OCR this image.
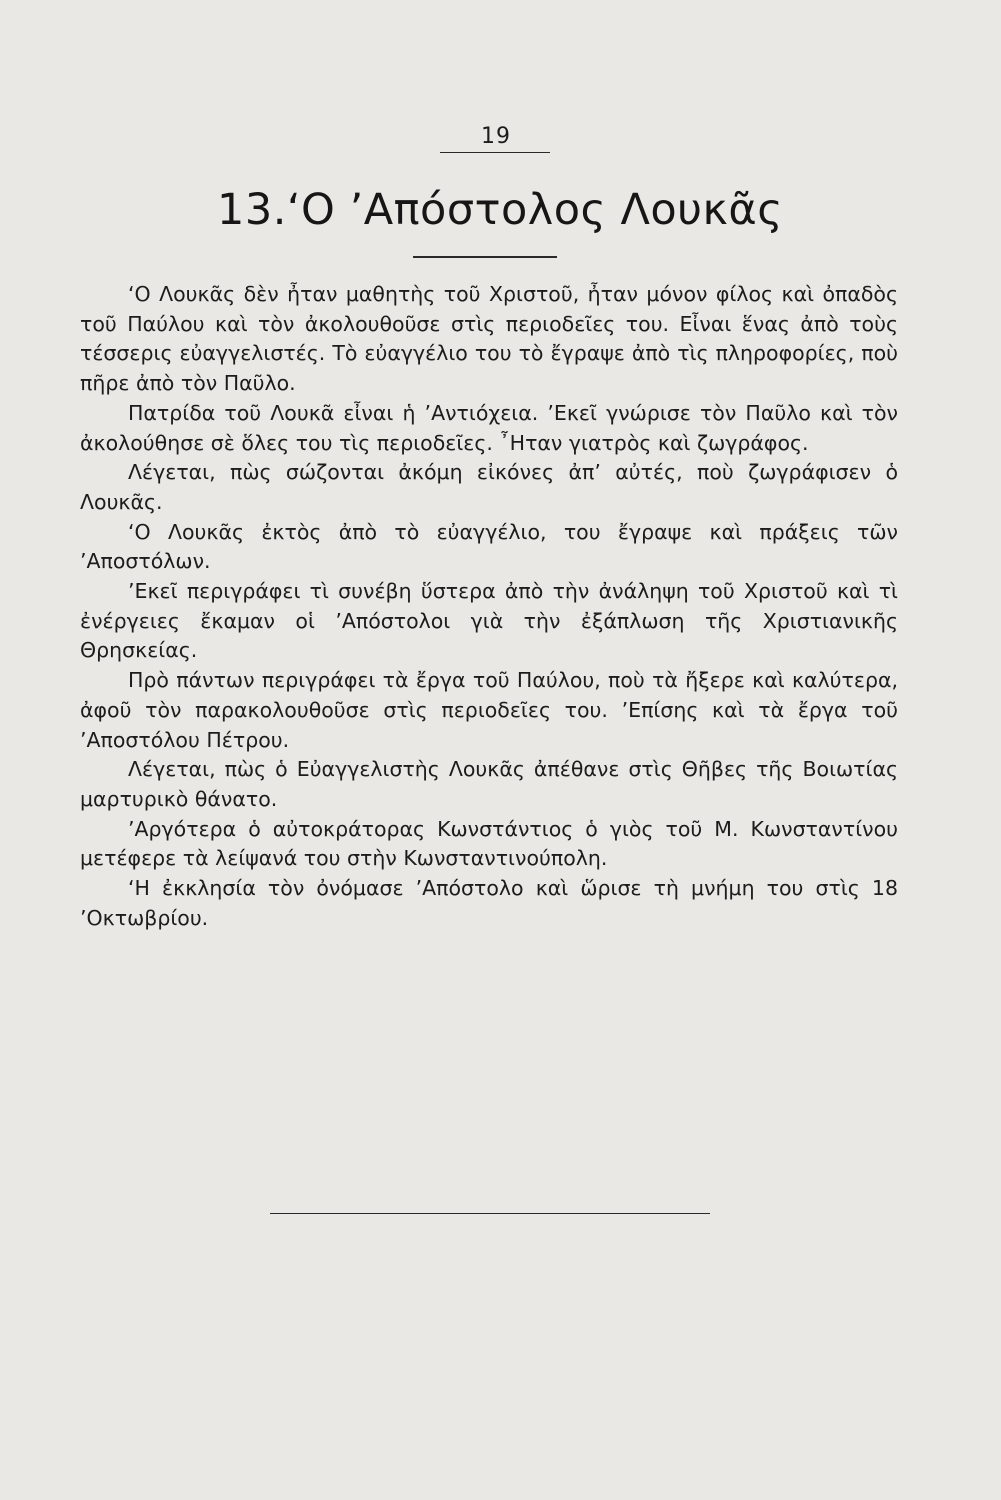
19
13.‘Ο ’Απόστολος Λουκᾶς

‘Ο Λουκᾶς δὲν ἦταν μαθητὴς τοῦ Χριστοῦ, ἦταν μόνον φίλος καὶ ὀπαδὸς τοῦ Παύλου καὶ τὸν ἀκολουθοῦσε στὶς περιοδεῖες του. Εἶναι ἕνας ἀπὸ τοὺς τέσσερις εὐαγγελιστές. Τὸ εὐαγγέλιο του τὸ ἔγραψε ἀπὸ τὶς πληροφορίες, ποὺ πῆρε ἀπὸ τὸν Παῦλο.

Πατρίδα τοῦ Λουκᾶ εἶναι ἡ ’Αντιόχεια. ’Εκεῖ γνώρισε τὸν Παῦλο καὶ τὸν ἀκολούθησε σὲ ὅλες του τὶς περιοδεῖες. ῏Ηταν γιατρὸς καὶ ζωγράφος.

Λέγεται, πὼς σώζονται ἀκόμη εἰκόνες ἀπ’ αὐτές, ποὺ ζωγράφισεν ὁ Λουκᾶς.

‘Ο Λουκᾶς ἐκτὸς ἀπὸ τὸ εὐαγγέλιο, του ἔγραψε καὶ πράξεις τῶν ’Αποστόλων.

’Εκεῖ περιγράφει τὶ συνέβη ὕστερα ἀπὸ τὴν ἀνάληψη τοῦ Χριστοῦ καὶ τὶ ἐνέργειες ἔκαμαν οἱ ’Απόστολοι γιὰ τὴν ἐξάπλωση τῆς Χριστιανικῆς Θρησκείας.

Πρὸ πάντων περιγράφει τὰ ἔργα τοῦ Παύλου, ποὺ τὰ ἤξερε καὶ καλύτερα, ἀφοῦ τὸν παρακολουθοῦσε στὶς περιοδεῖες του. ’Επίσης καὶ τὰ ἔργα τοῦ ’Αποστόλου Πέτρου.

Λέγεται, πὼς ὁ Εὐαγγελιστὴς Λουκᾶς ἀπέθανε στὶς Θῆβες τῆς Βοιωτίας μαρτυρικὸ θάνατο.

’Αργότερα ὁ αὐτοκράτορας Κωνστάντιος ὁ γιὸς τοῦ Μ. Κωνσταντίνου μετέφερε τὰ λείψανά του στὴν Κωνσταντινούπολη.

‘Η ἐκκλησία τὸν ὀνόμασε ’Απόστολο καὶ ὥρισε τὴ μνήμη του στὶς 18 ’Οκτωβρίου.
